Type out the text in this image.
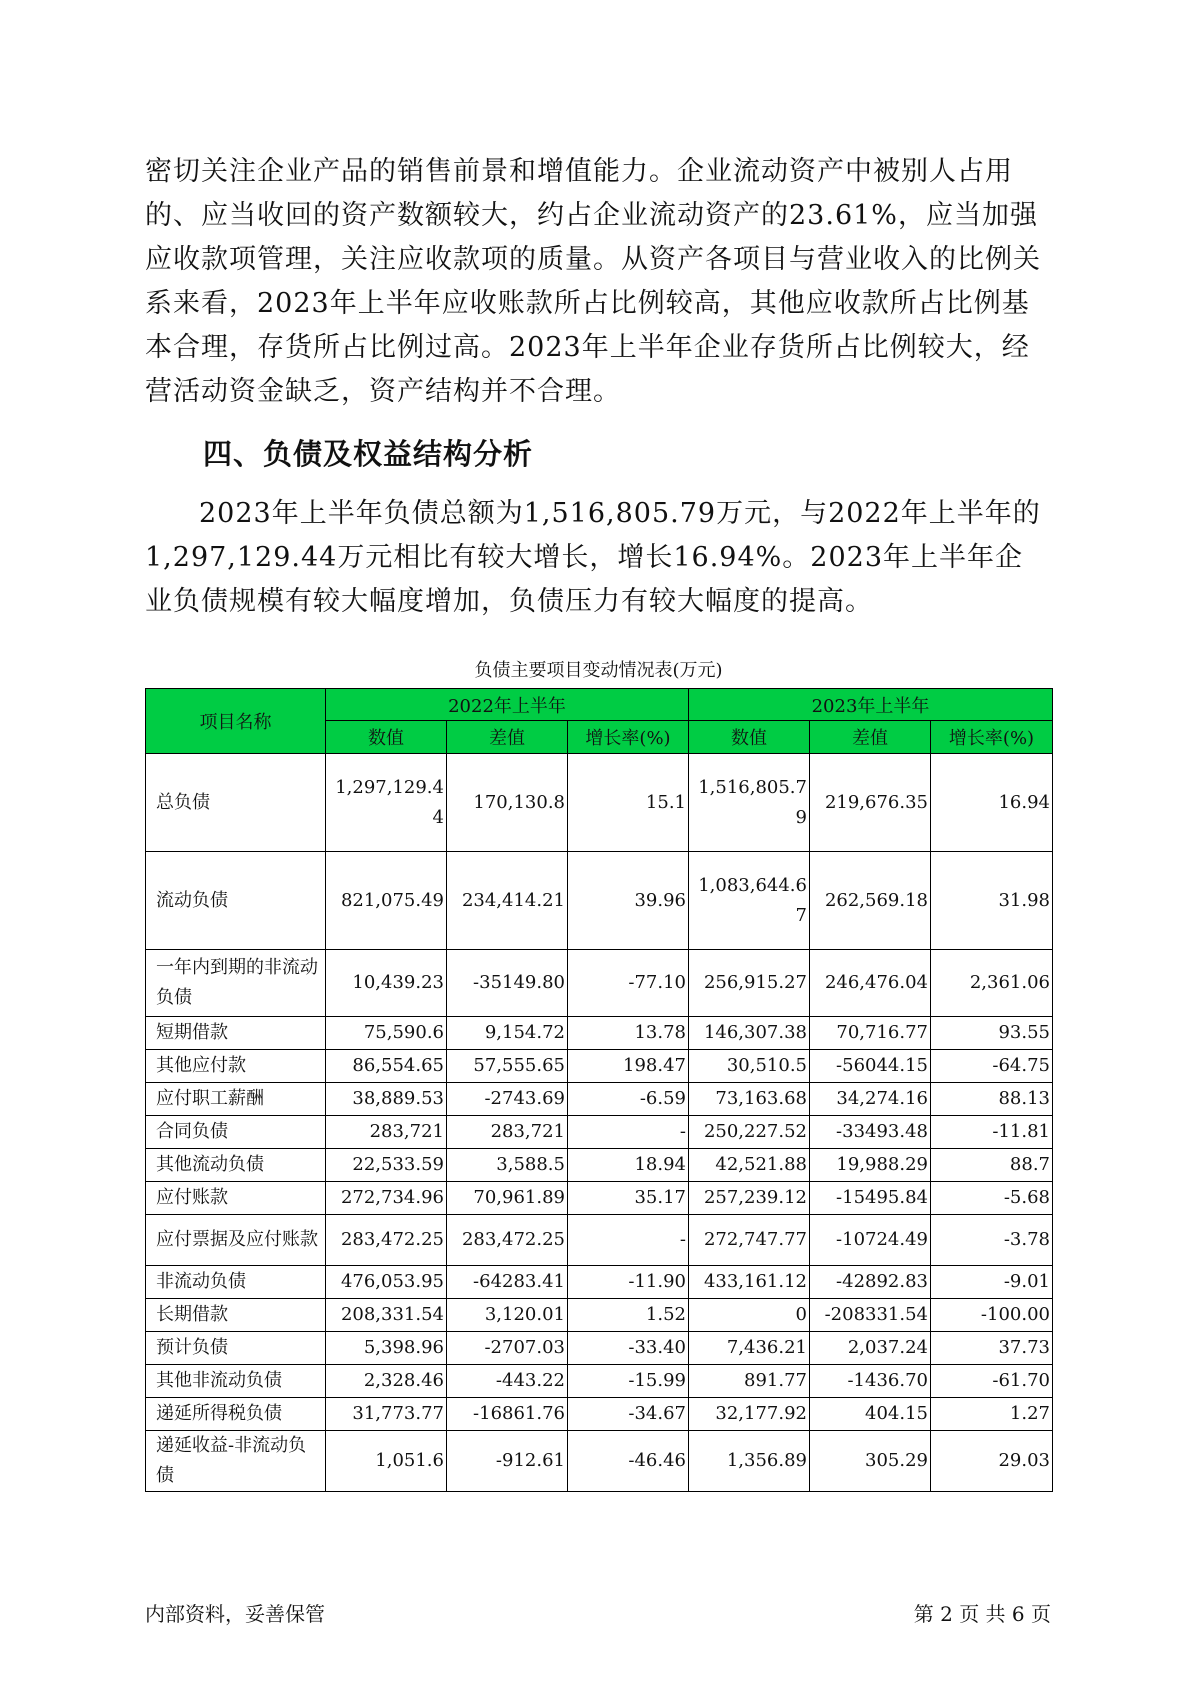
密切关注企业产品的销售前景和增值能力。企业流动资产中被别人占用的、应当收回的资产数额较大，约占企业流动资产的23.61%，应当加强应收款项管理，关注应收款项的质量。从资产各项目与营业收入的比例关系来看，2023年上半年应收账款所占比例较高，其他应收款所占比例基本合理，存货所占比例过高。2023年上半年企业存货所占比例较大，经营活动资金缺乏，资产结构并不合理。

四、负债及权益结构分析

2023年上半年负债总额为1,516,805.79万元，与2022年上半年的1,297,129.44万元相比有较大增长，增长16.94%。2023年上半年企业负债规模有较大幅度增加，负债压力有较大幅度的提高。

负债主要项目变动情况表(万元)

项目名称	2022年上半年			2023年上半年		
	数值	差值	增长率(%)	数值	差值	增长率(%)
总负债	1,297,129.44	170,130.8	15.1	1,516,805.79	219,676.35	16.94
流动负债	821,075.49	234,414.21	39.96	1,083,644.67	262,569.18	31.98
一年内到期的非流动负债	10,439.23	-35149.80	-77.10	256,915.27	246,476.04	2,361.06
短期借款	75,590.6	9,154.72	13.78	146,307.38	70,716.77	93.55
其他应付款	86,554.65	57,555.65	198.47	30,510.5	-56044.15	-64.75
应付职工薪酬	38,889.53	-2743.69	-6.59	73,163.68	34,274.16	88.13
合同负债	283,721	283,721	-	250,227.52	-33493.48	-11.81
其他流动负债	22,533.59	3,588.5	18.94	42,521.88	19,988.29	88.7
应付账款	272,734.96	70,961.89	35.17	257,239.12	-15495.84	-5.68
应付票据及应付账款	283,472.25	283,472.25	-	272,747.77	-10724.49	-3.78
非流动负债	476,053.95	-64283.41	-11.90	433,161.12	-42892.83	-9.01
长期借款	208,331.54	3,120.01	1.52	0	-208331.54	-100.00
预计负债	5,398.96	-2707.03	-33.40	7,436.21	2,037.24	37.73
其他非流动负债	2,328.46	-443.22	-15.99	891.77	-1436.70	-61.70
递延所得税负债	31,773.77	-16861.76	-34.67	32,177.92	404.15	1.27
递延收益-非流动负债	1,051.6	-912.61	-46.46	1,356.89	305.29	29.03

内部资料，妥善保管	第 2 页 共 6 页
